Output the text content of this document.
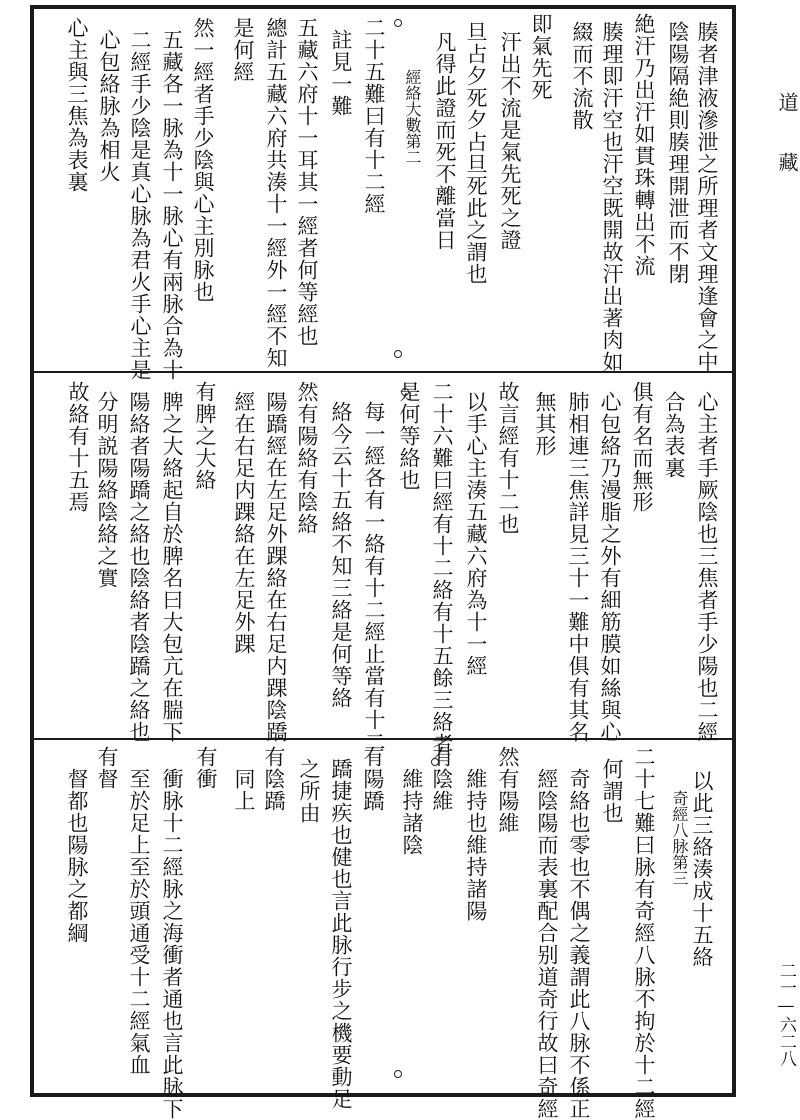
道藏
二一—六二八
腠者津液滲泄之所理者文理逢會之中
陰陽隔絶則腠理開泄而不閉
絶汗乃出汗如貫珠轉出不流
腠理即汗空也汗空既開故汗出著肉如
綴而不流散
即氣先死
汗出不流是氣先死之證
旦占夕死夕占旦死此之謂也
凡得此證而死不離當日
經絡大數第二
二十五難曰有十二經
註見一難
五藏六府十一耳其一經者何等經也
總計五藏六府共湊十一經外一經不知
是何經
然一經者手少陰與心主別脉也
五藏各一脉為十一脉心有兩脉合為十
二經手少陰是真心脉為君火手心主是
心包絡脉為相火
心主與三焦為表裏
心主者手厥陰也三焦者手少陽也二經
合為表裏
俱有名而無形
心包絡乃漫脂之外有細筋膜如絲與心
肺相連三焦詳見三十一難中俱有其名
無其形
故言經有十二也
以手心主湊五藏六府為十一經
二十六難曰經有十二絡有十五餘三絡者
是何等絡也
每一經各有一絡有十二經止當有十二
絡今云十五絡不知三絡是何等絡
然有陽絡有陰絡
陽蹻經在左足外踝絡在右足内踝陰蹻
經在右足内踝絡在左足外踝
有脾之大絡
脾之大絡起自於脾名曰大包亢在腨下
陽絡者陽蹻之絡也陰絡者陰蹻之絡也
分明説陽絡陰絡之實
故絡有十五焉
以此三絡湊成十五絡
奇經八脉第三
二十七難曰脉有奇經八脉不拘於十二經
何謂也
奇絡也零也不偶之義謂此八脉不係正
經陰陽而表裏配合别道奇行故曰奇經
然有陽維
維持也維持諸陽
有陰維
維持諸陰
有陽蹻
蹻捷疾也健也言此脉行步之機要動足
之所由
有陰蹻
同上
有衝
衝脉十二經脉之海衝者通也言此脉下
至於足上至於頭通受十二經氣血
有督
督都也陽脉之都綱
